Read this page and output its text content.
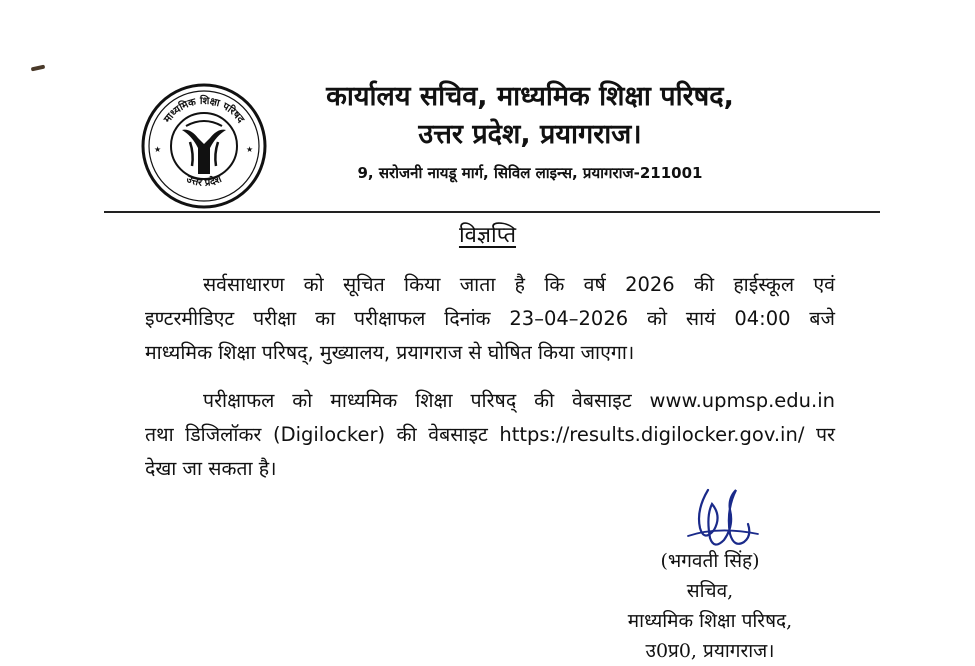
माध्यमिक शिक्षा परिषद
उत्तर प्रदेश
★	★
कार्यालय सचिव, माध्यमिक शिक्षा परिषद,
उत्तर प्रदेश, प्रयागराज।
9, सरोजनी नायडू मार्ग, सिविल लाइन्स, प्रयागराज-211001
विज्ञप्ति
सर्वसाधारण को सूचित किया जाता है कि वर्ष 2026 की हाईस्कूल एवं
इण्टरमीडिएट परीक्षा का परीक्षाफल दिनांक 23–04–2026 को सायं 04:00 बजे
माध्यमिक शिक्षा परिषद्, मुख्यालय, प्रयागराज से घोषित किया जाएगा।
परीक्षाफल को माध्यमिक शिक्षा परिषद् की वेबसाइट www.upmsp.edu.in
तथा डिजिलॉकर (Digilocker) की वेबसाइट https://results.digilocker.gov.in/ पर
देखा जा सकता है।
(भगवती सिंह)
सचिव,
माध्यमिक शिक्षा परिषद,
उ0प्र0, प्रयागराज।
